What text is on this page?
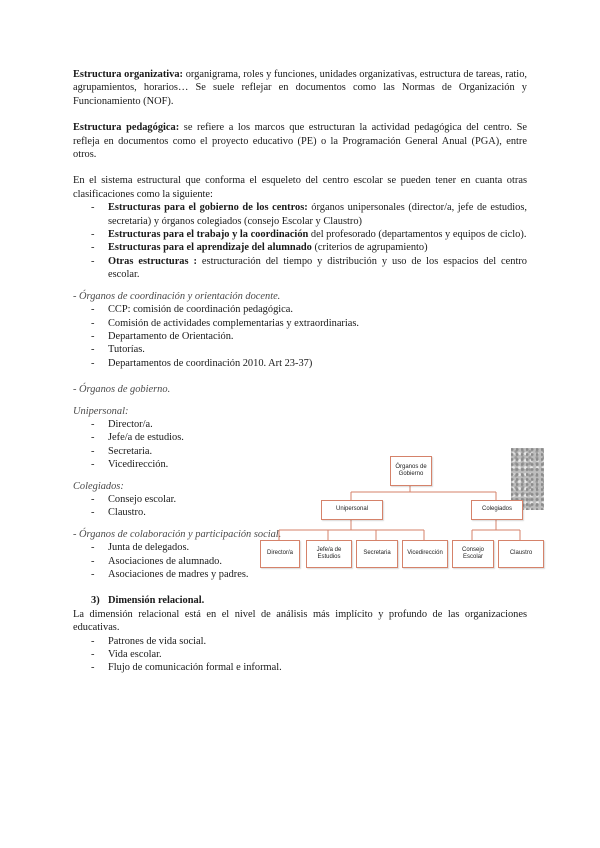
Estructura organizativa: organigrama, roles y funciones, unidades organizativas, estructura de tareas, ratio, agrupamientos, horarios… Se suele reflejar en documentos como las Normas de Organización y Funcionamiento (NOF).

Estructura pedagógica: se refiere a los marcos que estructuran la actividad pedagógica del centro. Se refleja en documentos como el proyecto educativo (PE) o la Programación General Anual (PGA), entre otros.

En el sistema estructural que conforma el esqueleto del centro escolar se pueden tener en cuanta otras clasificaciones como la siguiente:

- Estructuras para el gobierno de los centros: órganos unipersonales (director/a, jefe de estudios, secretaria) y órganos colegiados (consejo Escolar y Claustro)
- Estructuras para el trabajo y la coordinación del profesorado (departamentos y equipos de ciclo).
- Estructuras para el aprendizaje del alumnado (criterios de agrupamiento)
- Otras estructuras : estructuración del tiempo y distribución y uso de los espacios del centro escolar.

- Órganos de coordinación y orientación docente.

- CCP: comisión de coordinación pedagógica.
- Comisión de actividades complementarias y extraordinarias.
- Departamento de Orientación.
- Tutorías.
- Departamentos de coordinación 2010. Art 23-37)

- Órganos de gobierno.

Unipersonal:

- Director/a.
- Jefe/a de estudios.
- Secretaria.
- Vicedirección.

Colegiados:

- Consejo escolar.
- Claustro.

- Órganos de colaboración y participación social.

- Junta de delegados.
- Asociaciones de alumnado.
- Asociaciones de madres y padres.

3) Dimensión relacional.

La dimensión relacional está en el nivel de análisis más implícito y profundo de las organizaciones educativas.

- Patrones de vida social.
- Vida escolar.
- Flujo de comunicación formal e informal.
Órganos de Gobierno
Unipersonal	Colegiados
Director/a
Jefe/a de Estudios
Secretaria	Vicedirección
Consejo Escolar
Claustro
